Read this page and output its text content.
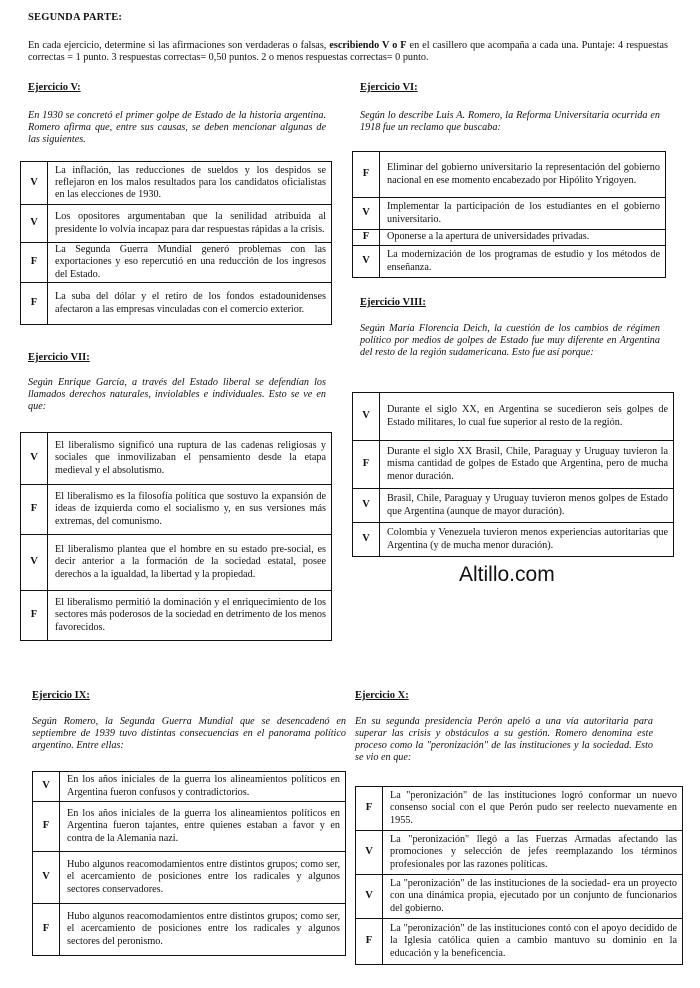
SEGUNDA PARTE:
En cada ejercicio, determine si las afirmaciones son verdaderas o falsas, escribiendo V o F en el casillero que acompaña a cada una. Puntaje: 4 respuestas correctas = 1 punto. 3 respuestas correctas= 0,50 puntos. 2 o menos respuestas correctas= 0 punto.
Ejercicio V:
En 1930 se concretó el primer golpe de Estado de la historia argentina. Romero afirma que, entre sus causas, se deben mencionar algunas de las siguientes.
V	La inflación, las reducciones de sueldos y los despidos se reflejaron en los malos resultados para los candidatos oficialistas en las elecciones de 1930.
V	Los opositores argumentaban que la senilidad atribuida al presidente lo volvía incapaz para dar respuestas rápidas a la crisis.
F	La Segunda Guerra Mundial generó problemas con las exportaciones y eso repercutió en una reducción de los ingresos del Estado.
F	La suba del dólar y el retiro de los fondos estadounidenses afectaron a las empresas vinculadas con el comercio exterior.
Ejercicio VI:
Según lo describe Luis A. Romero, la Reforma Universitaria ocurrida en 1918 fue un reclamo que buscaba:
F	Eliminar del gobierno universitario la representación del gobierno nacional en ese momento encabezado por Hipólito Yrigoyen.
V	Implementar la participación de los estudiantes en el gobierno universitario.
F	Oponerse a la apertura de universidades privadas.
V	La modernización de los programas de estudio y los métodos de enseñanza.
Ejercicio VII:
Según Enrique García, a través del Estado liberal se defendían los llamados derechos naturales, inviolables e individuales. Esto se ve en que:
V	El liberalismo significó una ruptura de las cadenas religiosas y sociales que inmovilizaban el pensamiento desde la etapa medieval y el absolutismo.
F	El liberalismo es la filosofía política que sostuvo la expansión de ideas de izquierda como el socialismo y, en sus versiones más extremas, del comunismo.
V	El liberalismo plantea que el hombre en su estado pre-social, es decir anterior a la formación de la sociedad estatal, posee derechos a la igualdad, la libertad y la propiedad.
F	El liberalismo permitió la dominación y el enriquecimiento de los sectores más poderosos de la sociedad en detrimento de los menos favorecidos.
Ejercicio VIII:
Según María Florencia Deich, la cuestión de los cambios de régimen político por medios de golpes de Estado fue muy diferente en Argentina del resto de la región sudamericana. Esto fue así porque:
V	Durante el siglo XX, en Argentina se sucedieron seis golpes de Estado militares, lo cual fue superior al resto de la región.
F	Durante el siglo XX Brasil, Chile, Paraguay y Uruguay tuvieron la misma cantidad de golpes de Estado que Argentina, pero de mucha menor duración.
V	Brasil, Chile, Paraguay y Uruguay tuvieron menos golpes de Estado que Argentina (aunque de mayor duración).
V	Colombia y Venezuela tuvieron menos experiencias autoritarias que Argentina (y de mucha menor duración).
Altillo.com
Ejercicio IX:
Según Romero, la Segunda Guerra Mundial que se desencadenó en septiembre de 1939 tuvo distintas consecuencias en el panorama político argentino. Entre ellas:
V	En los años iniciales de la guerra los alineamientos políticos en Argentina fueron confusos y contradictorios.
F	En los años iniciales de la guerra los alineamientos políticos en Argentina fueron tajantes, entre quienes estaban a favor y en contra de la Alemania nazi.
V	Hubo algunos reacomodamientos entre distintos grupos; como ser, el acercamiento de posiciones entre los radicales y algunos sectores conservadores.
F	Hubo algunos reacomodamientos entre distintos grupos; como ser, el acercamiento de posiciones entre los radicales y algunos sectores del peronismo.
Ejercicio X:
En su segunda presidencia Perón apeló a una vía autoritaria para superar las crisis y obstáculos a su gestión. Romero denomina este proceso como la "peronización" de las instituciones y la sociedad. Esto se vio en que:
F	La "peronización" de las instituciones logró conformar un nuevo consenso social con el que Perón pudo ser reelecto nuevamente en 1955.
V	La "peronización" llegó a las Fuerzas Armadas afectando las promociones y selección de jefes reemplazando los términos profesionales por las razones políticas.
V	La "peronización" de las instituciones de la sociedad- era un proyecto con una dinámica propia, ejecutado por un conjunto de funcionarios del gobierno.
F	La "peronización" de las instituciones contó con el apoyo decidido de la Iglesia católica quien a cambio mantuvo su dominio en la educación y la beneficencia.
